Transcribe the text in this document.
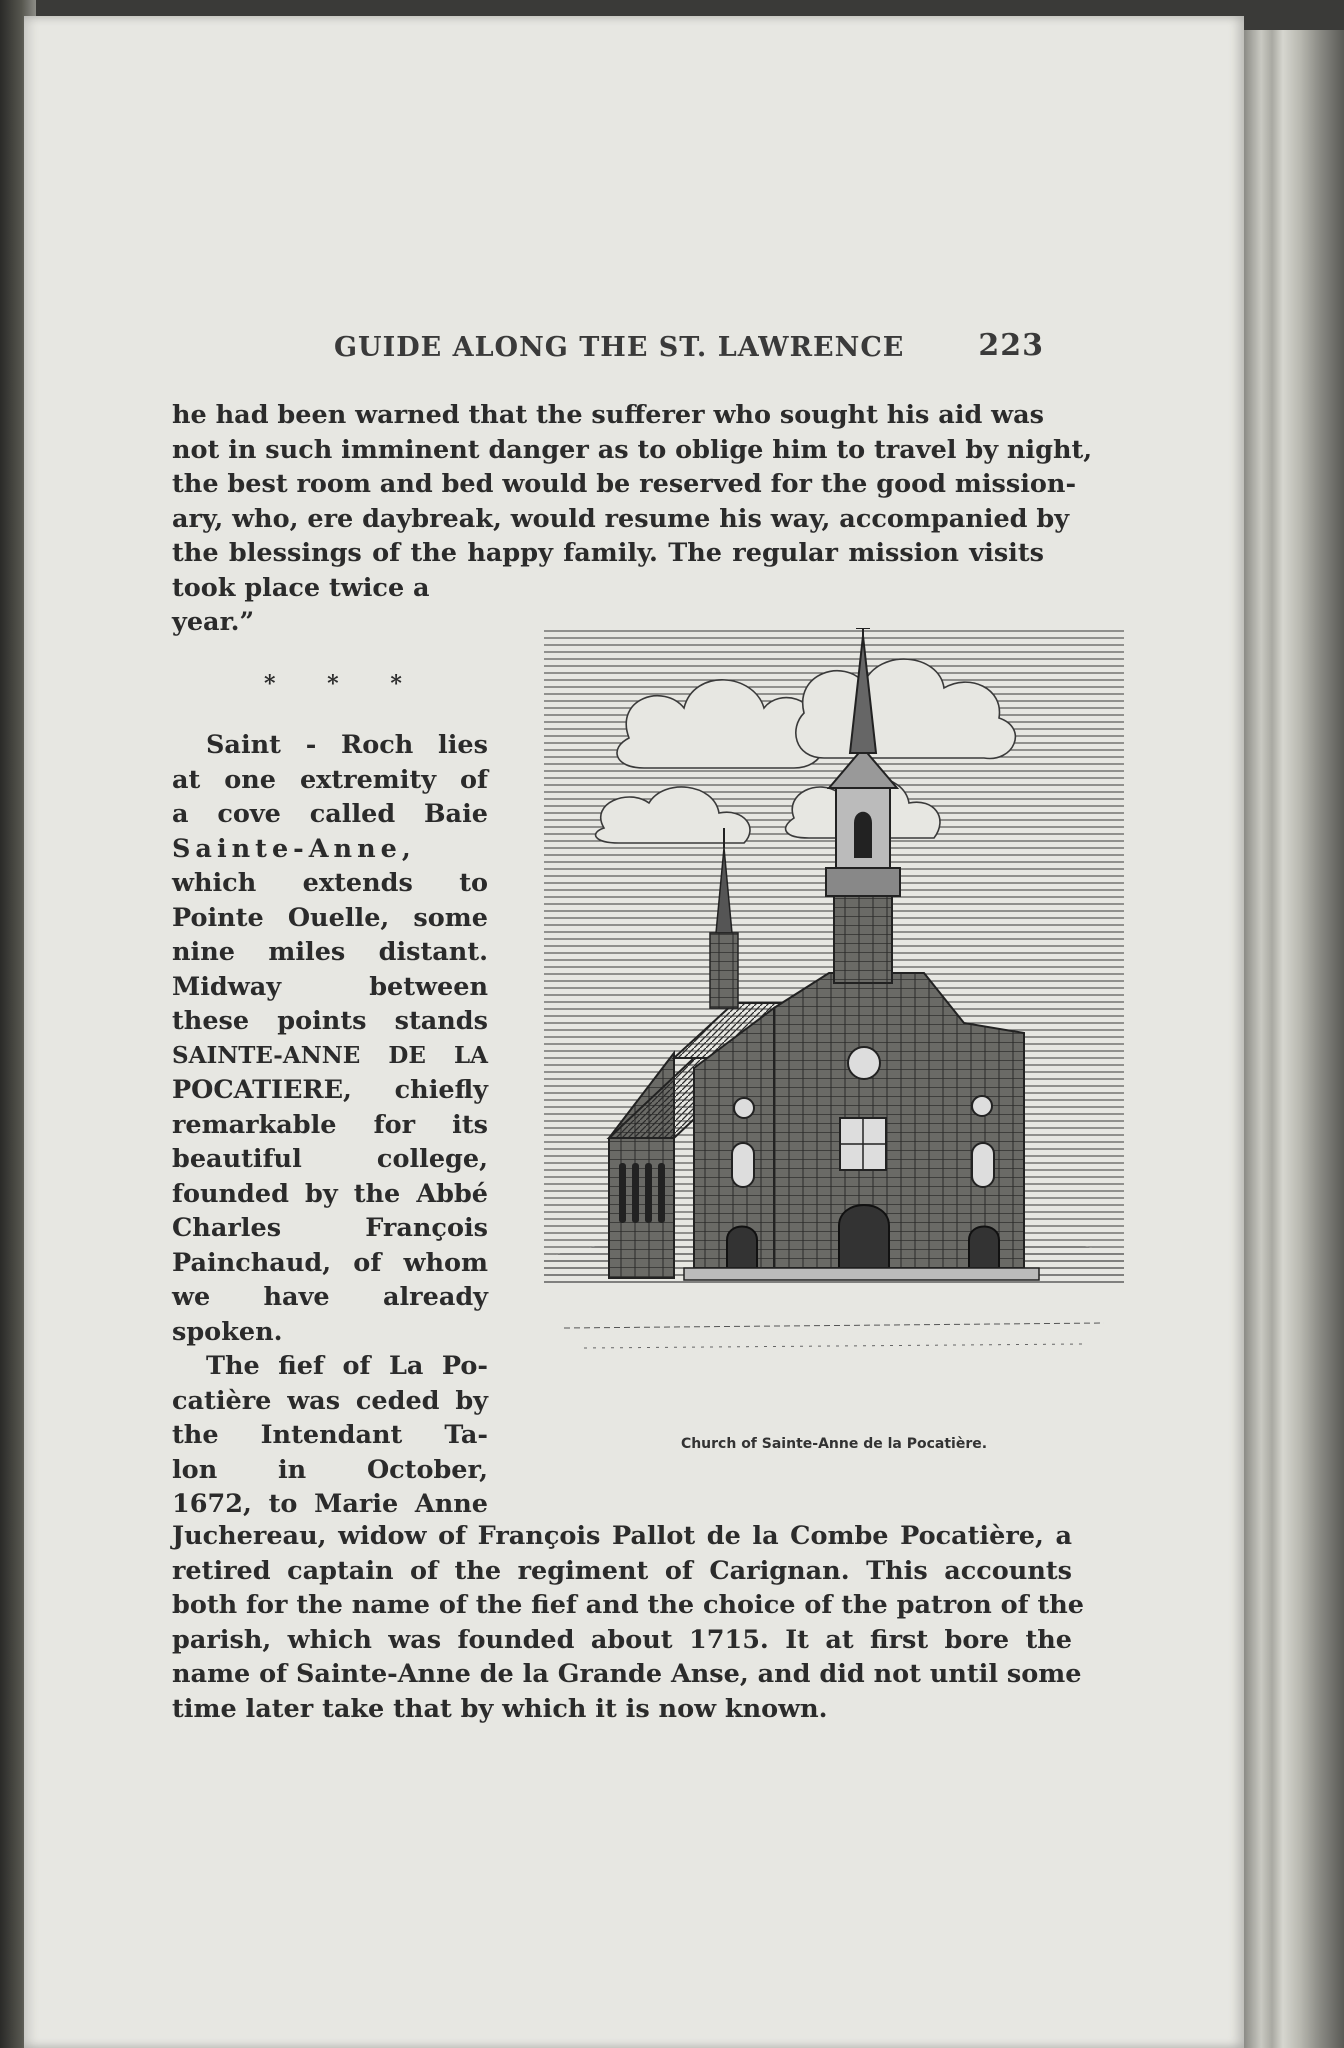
GUIDE ALONG THE ST. LAWRENCE 223
he had been warned that the sufferer who sought his aid was
not in such imminent danger as to oblige him to travel by night,
the best room and bed would be reserved for the good mission-
ary, who, ere daybreak, would resume his way, accompanied by
the blessings of the happy family. The regular mission visits
took place twice a
year.”
* * *
Saint - Roch lies
at one extremity of
a cove called Baie
Sainte-Anne,
which extends to
Pointe Ouelle, some
nine miles distant.
Midway between
these points stands
SAINTE-ANNE DE LA
POCATIERE, chiefly
remarkable for its
beautiful college,
founded by the Abbé
Charles François
Painchaud, of whom
we have already
spoken.
The fief of La Po-
catière was ceded by
the Intendant Ta-
lon in October,
1672, to Marie Anne
Church of Sainte-Anne de la Pocatière.
Juchereau, widow of François Pallot de la Combe Pocatière, a
retired captain of the regiment of Carignan. This accounts
both for the name of the fief and the choice of the patron of the
parish, which was founded about 1715. It at first bore the
name of Sainte-Anne de la Grande Anse, and did not until some
time later take that by which it is now known.
